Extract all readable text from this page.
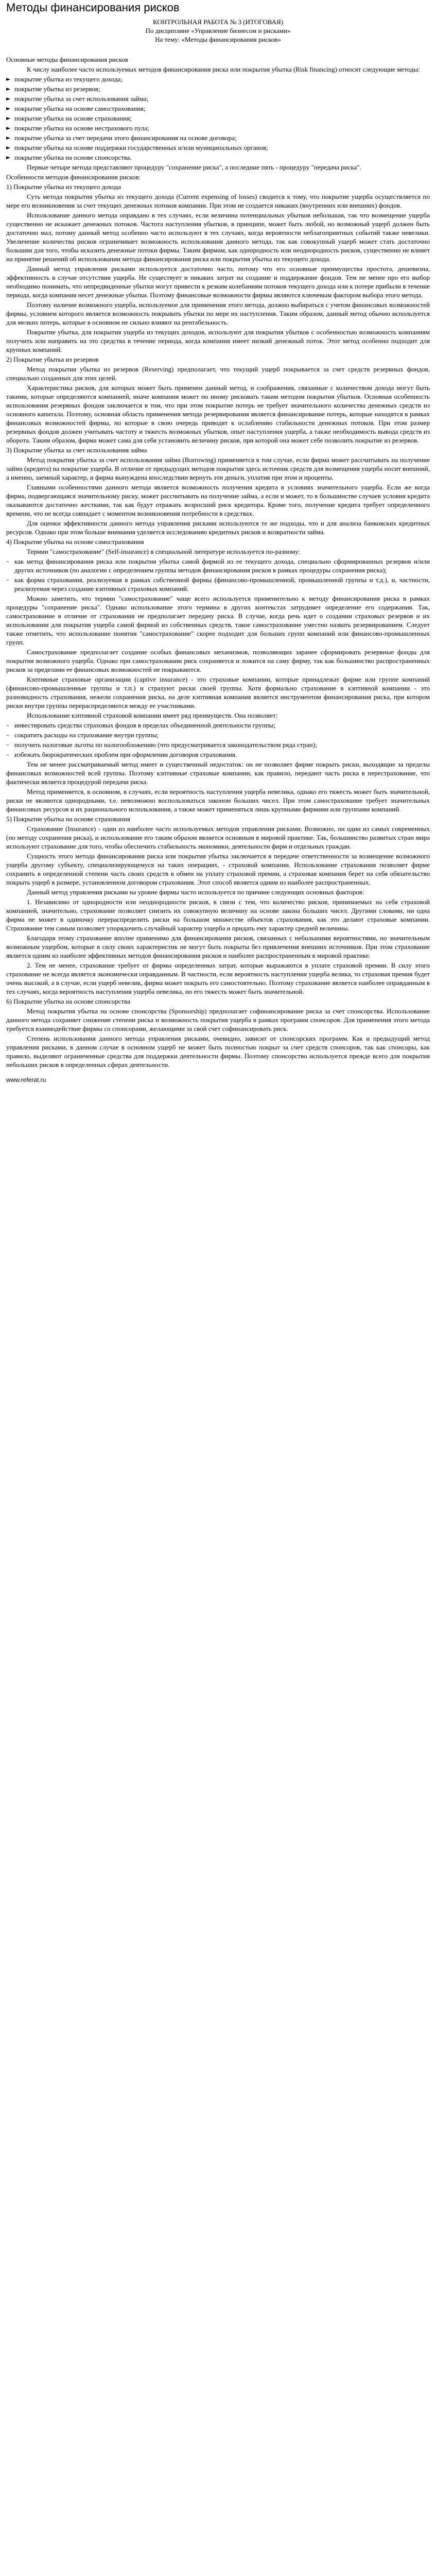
Методы финансирования рисков

КОНТРОЛЬНАЯ РАБОТА № 3 (ИТОГОВАЯ)

По дисциплине «Управление бизнесом и рисками»

На тему: «Методы финансирования рисков»

Основные методы финансирования рисков

К числу наиболее часто используемых методов финансирования риска или покрытия убытка (Risk financing) относят следующие методы:

► покрытие убытка из текущего дохода;

► покрытие убытка из резервов;

► покрытие убытка за счет использования займа;

► покрытие убытка на основе самострахования;

► покрытие убытка на основе страхования;

► покрытие убытка на основе нестрахового пула;

► покрытие убытка за счет передачи этого финансирования на основе договора;

► покрытие убытка на основе поддержки государственных и/или муниципальных органов;

► покрытие убытка на основе спонсорства.

Первые четыре метода представляют процедуру "сохранение риска", а последние пять - процедуру "передача риска".

Особенности методов финансирования рисков:

1) Покрытие убытка из текущего дохода

Суть метода покрытия убытка из текущего дохода (Current expensing of losses) сводится к тому, что покрытие ущерба осуществляется по мере его возникновения за счет текущих денежных потоков компании. При этом не создается никаких (внутренних или внешних) фондов.

Использование данного метода оправдано в тех случаях, если величина потенциальных убытков небольшая, так что возмещение ущерба существенно не искажает денежных потоков. Частота наступления убытков, в принципе, может быть любой, но возможный ущерб должен быть достаточно мал, потому данный метод особенно часто используют в тех случаях, когда вероятности неблагоприятных событий также невелики. Увеличение количества рисков ограничивает возможность использования данного метода, так как совокупный ущерб может стать достаточно большим для того, чтобы исказить денежные потоки фирмы. Таким фирмам, как однородность или неоднородность рисков, существенно не влияет на принятие решений об использовании метода финансирования риска или покрытия убытка из текущего дохода.

Данный метод управления рисками используется достаточно часто, потому что его основные преимущества простота, дешевизна, эффективность в случае отсутствия ущерба. Не существует и никаких затрат на создание и поддержание фондов. Тем не менее про его выбор необходимо понимать, что непредвиденные убытки могут привести к резким колебаниям потоков текущего дохода или к потере прибыли в течение периода, когда компания несет денежные убытки. Поэтому финансовые возможности фирмы являются ключевым фактором выбора этого метода.

Поэтому наличие возможного ущерба, используемое для применения этого метода, должно выбираться с учетом финансовых возможностей фирмы, условием которого является возможность покрывать убытки по мере их наступления. Таким образом, данный метод обычно используется для мелких потерь, которые в основном не сильно влияют на рентабельность.

Покрытие убытка, для покрытия ущерба из текущих доходов, используют для покрытия убытков с особенностью возможность компаниям получить или направить на это средства в течение периода, когда компания имеет низкий денежный поток. Этот метод особенно подходит для крупных компаний.

2) Покрытие убытка из резервов

Метод покрытия убытка из резервов (Reserving) предполагает, что текущий ущерб покрывается за счет средств резервных фондов, специально созданных для этих целей.

Характеристика рисков, для которых может быть применен данный метод, и соображения, связанные с количеством дохода могут быть такими, которые определяются компанией, иначе компания может по иному рисковать таким методом покрытия убытков. Основная особенность использования резервных фондов заключается в том, что при этом покрытие потерь не требует значительного количества денежных средств из основного капитала. Поэтому, основная область применения метода резервирования является финансирование потерь, которые находятся в рамках финансовых возможностей фирмы, но которые в свою очередь приводят к ослаблению стабильности денежных потоков. При этом размер резервных фондов должен учитывать частоту и тяжесть возможных убытков, опыт наступления ущерба, а также необходимость вывода средств из оборота. Таким образом, фирма может сама для себя установить величину рисков, при которой она может себе позволить покрытие из резервов.

3) Покрытие убытка за счет использования займа

Метод покрытия убытка за счет использования займа (Borrowing) применяется в том случае, если фирма может рассчитывать на получение займа (кредита) на покрытие ущерба. В отличие от предыдущих методов покрытия здесь источник средств для возмещения ущерба носит внешний, а именно, заемный характер, и фирма вынуждена впоследствии вернуть эти деньги, уплатив при этом и проценты.

Главными особенностями данного метода является возможность получения кредита в условиях значительного ущерба. Если же когда фирма, подвергающаяся значительному риску, может рассчитывать на получение займа, а если и может, то в большинстве случаев условия кредита оказываются достаточно жесткими, так как будут отражать возросший риск кредитора. Кроме того, получение кредита требует определенного времени, что не всегда совпадает с моментом возникновения потребности в средствах.

Для оценки эффективности данного метода управления рисками используются те же подходы, что и для анализа банковских кредитных ресурсов. Однако при этом больше внимания уделяется исследованию кредитных рисков и возвратности займа.

4) Покрытие убытка на основе самострахования

Термин "самострахование" (Self-insurance) в специальной литературе используется по-разному:

– как метод финансирования риска или покрытия убытка самой фирмой из ее текущего дохода, специально сформированных резервов и/или других источников (по аналогии с определением группы методов финансирования рисков в рамках процедуры сохранения риска);

– как форма страхования, реализуемая в рамках собственной фирмы (финансово-промышленной, промышленной группы и т.д.), и, частности, реализуемая через создание кэптивных страховых компаний.

Можно заметить, что термин "самострахование" чаще всего используется применительно к методу финансирования риска в рамках процедуры "сохранение риска". Однако использование этого термина в других контекстах затрудняет определение его содержания. Так, самострахование в отличие от страхования не предполагает передачу риска. В случае, когда речь идет о создании страховых резервов и их использовании для покрытия ущерба самой фирмой из собственных средств, такое самострахование уместно назвать резервированием. Следует также отметить, что использование понятия "самострахование" скорее подходит для больших групп компаний или финансово-промышленных групп.

Самострахование предполагает создание особых финансовых механизмов, позволяющих заранее сформировать резервные фонды для покрытия возможного ущерба. Однако при самостраховании риск сохраняется и ложится на саму фирму, так как большинство распространенных рисков за пределами ее финансовых возможностей не покрываются.

Кэптивные страховые организации (captive insurance) - это страховые компании, которые принадлежат фирме или группе компаний (финансово-промышленные группы и т.п.) и страхуют риски своей группы. Хотя формально страхование в кэптивной компании - это разновидность страхования, нежели сохранения риска, на деле кэптивная компания является инструментом финансирования риска, при котором риски внутри группы перераспределяются между ее участниками.

Использование кэптивной страховой компании имеет ряд преимуществ. Она позволяет:

– инвестировать средства страховых фондов в пределах объединенной деятельности группы;

– сократить расходы на страхование внутри группы;

– получить налоговые льготы по налогообложению (что предусматривается законодательством ряда стран);

– избежать бюрократических проблем при оформлении договоров страхования.

Тем не менее рассматриваемый метод имеет и существенный недостаток: он не позволяет фирме покрыть риски, выходящие за пределы финансовых возможностей всей группы. Поэтому кэптивные страховые компании, как правило, передают часть риска в перестрахование, что фактически является процедурой передачи риска.

Метод применяется, в основном, в случаях, если вероятность наступления ущерба невелика, однако его тяжесть может быть значительной, риски не являются однородными, т.е. невозможно воспользоваться законом больших чисел. При этом самострахование требует значительных финансовых ресурсов и их рационального использования, а также может применяться лишь крупными фирмами или группами компаний.

5) Покрытие убытка на основе страхования

Страхование (Insurance) - один из наиболее часто используемых методов управления рисками. Возможно, он один из самых современных (по методу сохранения риска), и использование его таким образом является основным в мировой практике. Так, большинство развитых стран мира используют страхование для того, чтобы обеспечить стабильность экономики, деятельности фирм и отдельных граждан.

Сущность этого метода финансирования риска или покрытия убытка заключается в передаче ответственности за возмещение возможного ущерба другому субъекту, специализирующемуся на таких операциях, - страховой компании. Использование страхования позволяет фирме сохранить в определенной степени часть своих средств в обмен на уплату страховой премии, а страховая компания берет на себя обязательство покрыть ущерб в размере, установленном договором страхования. Этот способ является одним из наиболее распространенных.

Данный метод управления рисками на уровне фирмы часто используется по причине следующих основных факторов:

1. Независимо от однородности или неоднородности рисков, в связи с тем, что количество рисков, принимаемых на себя страховой компанией, значительно, страхование позволяет снизить их совокупную величину на основе закона больших чисел. Другими словами, ни одна фирма не может в одиночку перераспределить риски на большом множестве объектов страхования, как это делают страховые компании. Страхование тем самым позволяет упорядочить случайный характер ущерба и придать ему характер средней величины.

Благодаря этому страхование вполне применимо для финансирования рисков, связанных с небольшими вероятностями, но значительным возможным ущербом, которые в силу своих характеристик не могут быть покрыты без привлечения внешних источников. При этом страхование является одним из наиболее эффективных методов финансирования рисков и наиболее распространенным в мировой практике.

2. Тем не менее, страхование требует от фирмы определенных затрат, которые выражаются в уплате страховой премии. В силу этого страхование не всегда является экономически оправданным. В частности, если вероятность наступления ущерба велика, то страховая премия будет очень высокой, а в случае, если ущерб невелик, фирма может покрыть его самостоятельно. Поэтому страхование является наиболее оправданным в тех случаях, когда вероятность наступления ущерба невелика, но его тяжесть может быть значительной.

6) Покрытие убытка на основе спонсорства

Метод покрытия убытка на основе спонсорства (Sponsorship) предполагает софинансирование риска за счет спонсорства. Использование данного метода сохраняет снижение степени риска и возможность покрытия ущерба в рамках программ спонсоров. Для применения этого метода требуется взаимодействие фирмы со спонсорами, желающими за свой счет софинансировать риск.

Степень использования данного метода управления рисками, очевидно, зависит от спонсорских программ. Как и предыдущий метод управления рисками, в данном случае в основном ущерб не может быть полностью покрыт за счет средств спонсоров, так как спонсоры, как правило, выделяют ограниченные средства для поддержки деятельности фирмы. Поэтому спонсорство используется прежде всего для покрытия небольших рисков в определенных сферах деятельности.

www.referat.ru
